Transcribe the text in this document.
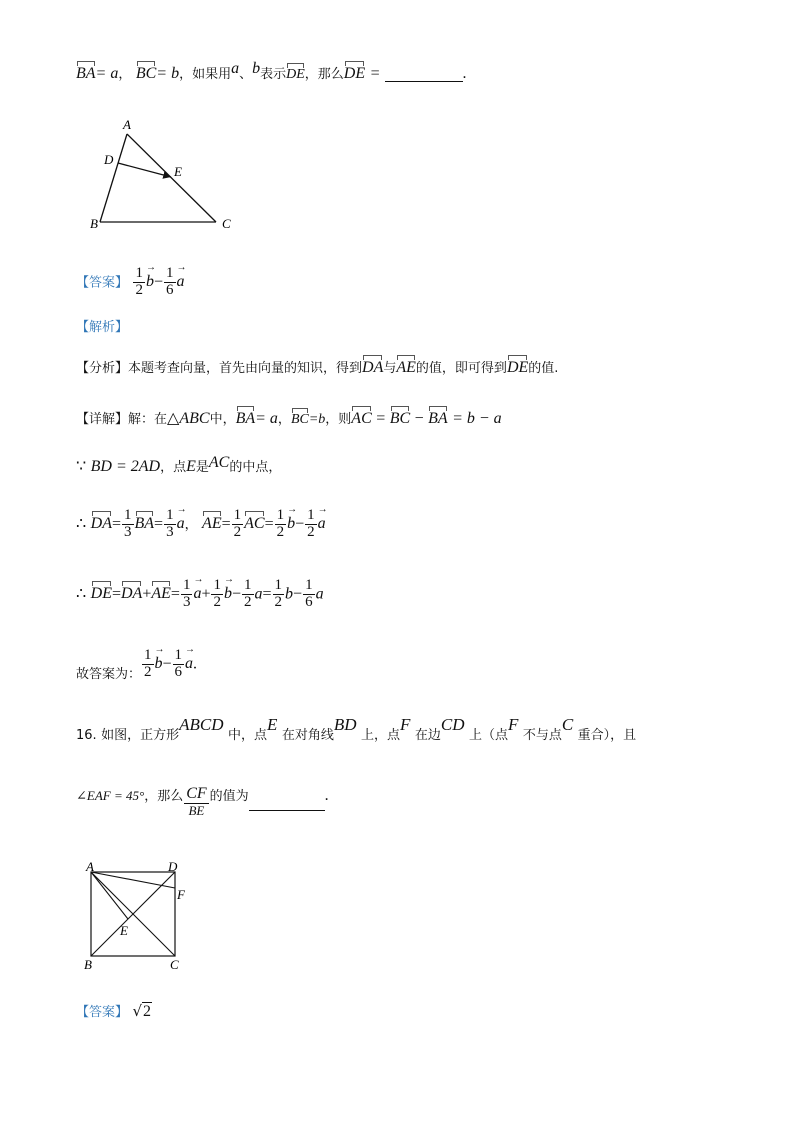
BA= a， BC= b，如果用a、b表示DE，那么DE =	.
A
B	C
D
E
【答案】 $\frac{1}{2}$ $b \to- \frac{1}{6}$ a →
【解析】
【分析】本题考查向量，首先由向量的知识，得到DA与AE的值，即可得到DE的值.
【详解】解：在△ABC中，BA= a，BC=b，则AC = BC − BA = b − a
∵ BD = 2AD，点E是AC的中点，
∴ $DA= \frac{1}{3} BA= \frac{1}{3}$ a →， $AE= \frac{1}{2} AC= \frac{1}{2}$ $b \to- \frac{1}{2}$ a →
∴ $DE=DA+AE= \frac{1}{3}$ $a \to+ \frac{1}{2}$ $b \to- \frac{1}{2} a= \frac{1}{2} b- \frac{1}{6}$ a
故答案为： $\frac{1}{2}$ $b \to- \frac{1}{6}$ a →.
16. 如图，正方形ABCD 中，点E 在对角线BD 上，点F 在边CD 上（点F 不与点C 重合），且
∠EAF = 45°，那么 $\frac{CF}{BE}$ 的值为	.
A	D
F
E
B	C
【答案】 √2
